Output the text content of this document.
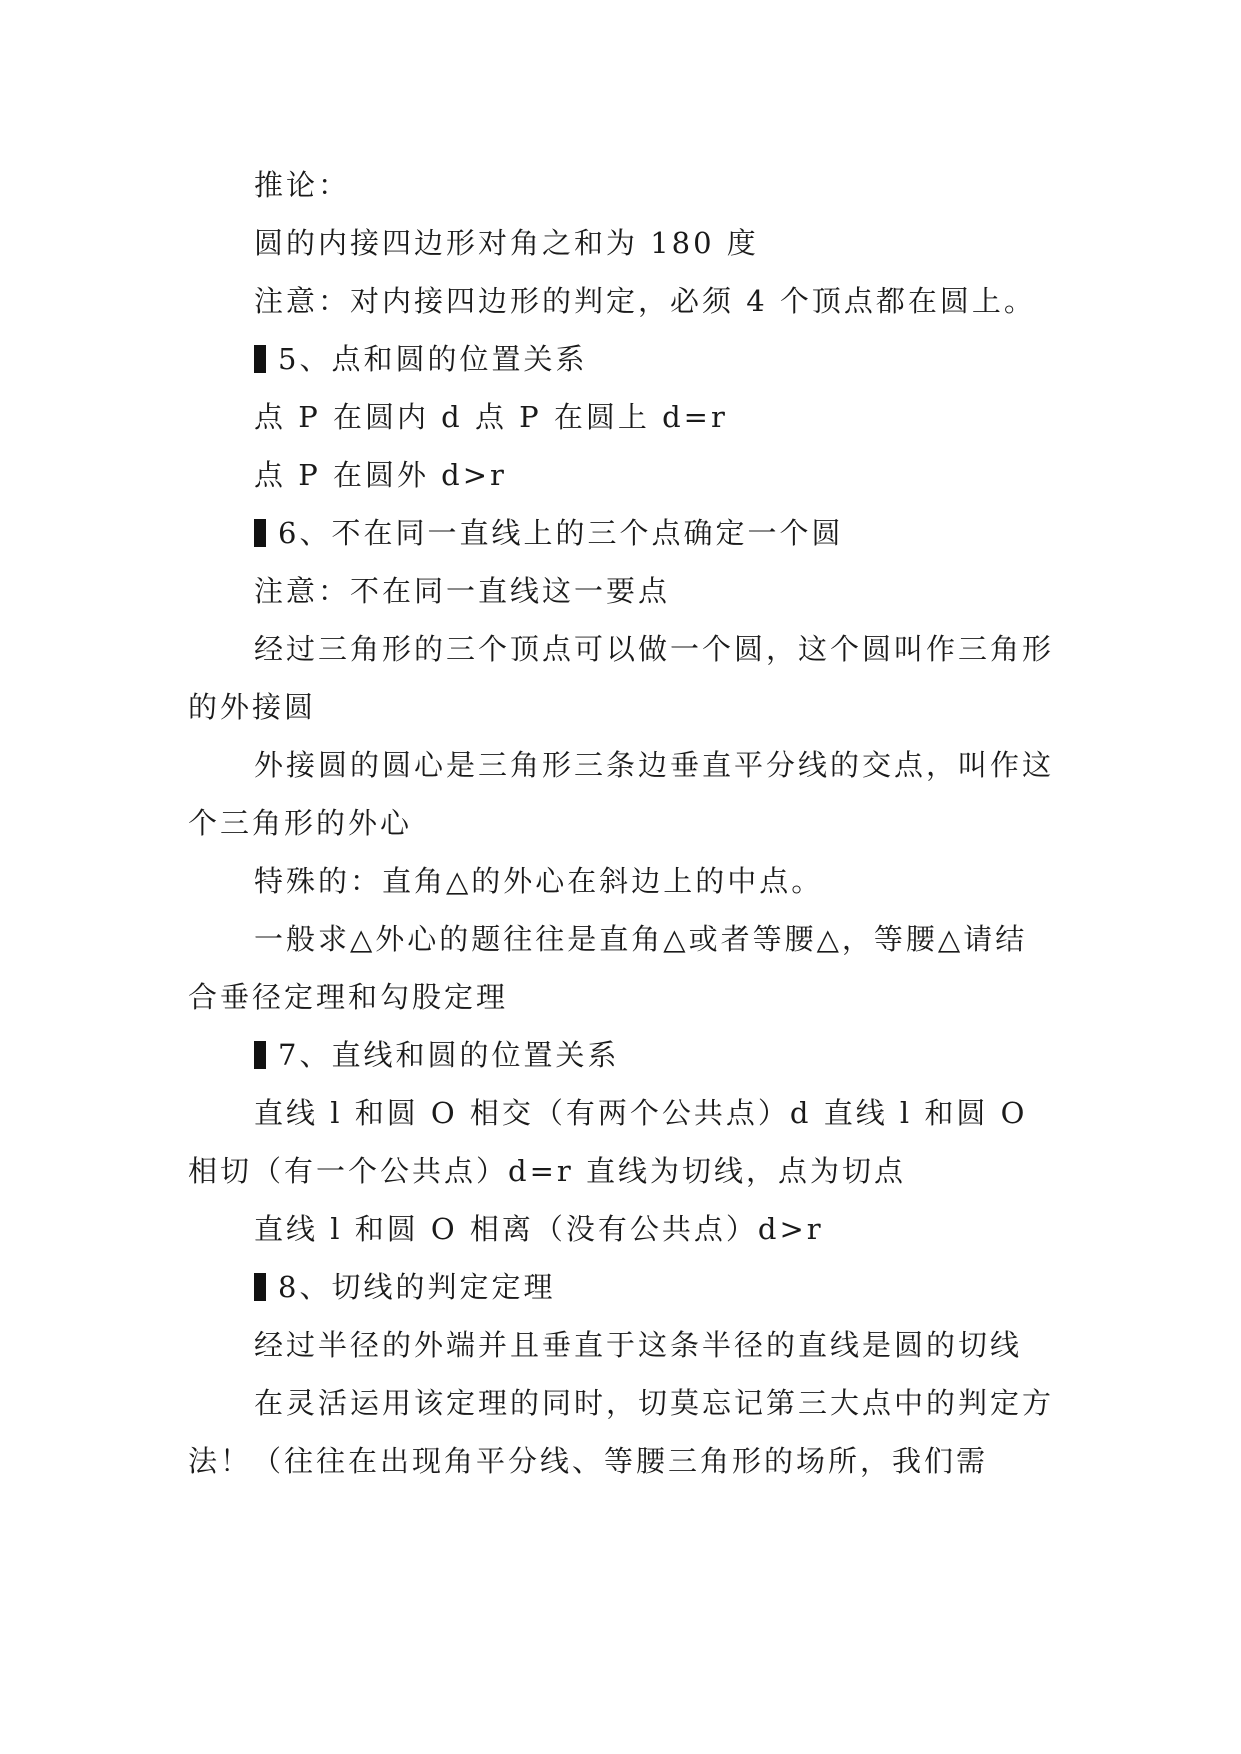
推论：

圆的内接四边形对角之和为 180 度

注意：对内接四边形的判定，必须 4 个顶点都在圆上。

5、点和圆的位置关系

点 P 在圆内 d 点 P 在圆上 d=r

点 P 在圆外 d>r

6、不在同一直线上的三个点确定一个圆

注意：不在同一直线这一要点

经过三角形的三个顶点可以做一个圆，这个圆叫作三角形的外接圆

外接圆的圆心是三角形三条边垂直平分线的交点，叫作这个三角形的外心

特殊的：直角△的外心在斜边上的中点。

一般求△外心的题往往是直角△或者等腰△，等腰△请结合垂径定理和勾股定理

7、直线和圆的位置关系

直线 l 和圆 O 相交（有两个公共点）d 直线 l 和圆 O 相切（有一个公共点）d=r 直线为切线，点为切点

直线 l 和圆 O 相离（没有公共点）d>r

8、切线的判定定理

经过半径的外端并且垂直于这条半径的直线是圆的切线

在灵活运用该定理的同时，切莫忘记第三大点中的判定方法！（往往在出现角平分线、等腰三角形的场所，我们需
